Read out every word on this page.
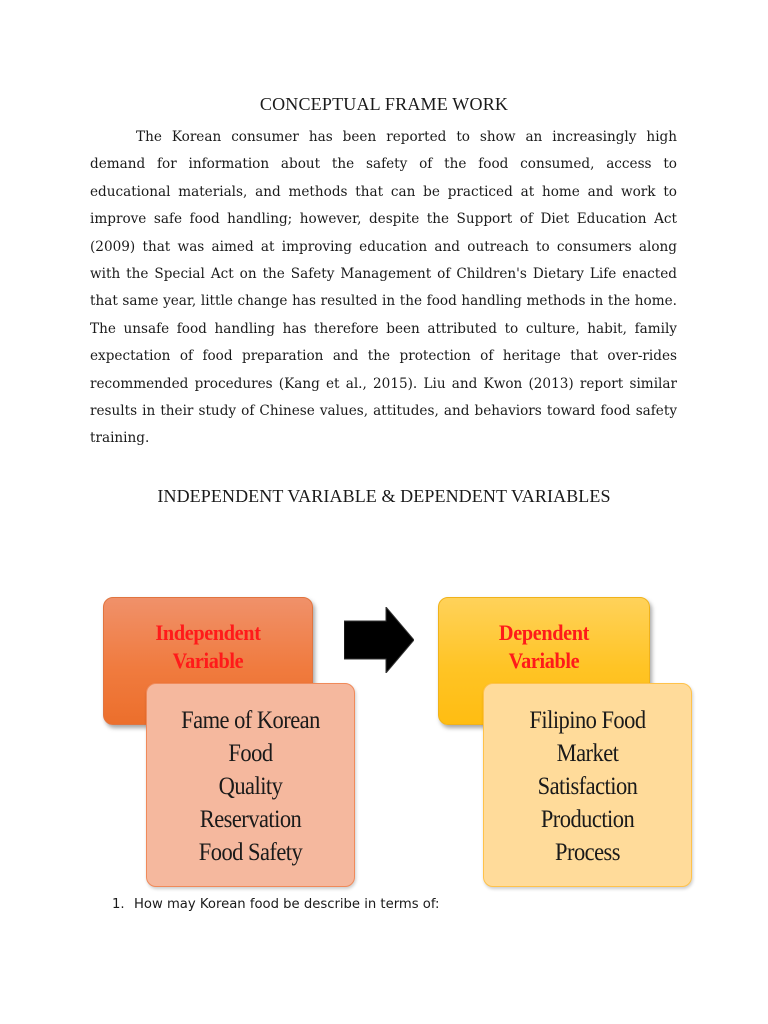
CONCEPTUAL FRAME WORK

The Korean consumer has been reported to show an increasingly high demand for information about the safety of the food consumed, access to educational materials, and methods that can be practiced at home and work to improve safe food handling; however, despite the Support of Diet Education Act (2009) that was aimed at improving education and outreach to consumers along with the Special Act on the Safety Management of Children's Dietary Life enacted that same year, little change has resulted in the food handling methods in the home. The unsafe food handling has therefore been attributed to culture, habit, family expectation of food preparation and the protection of heritage that over-rides recommended procedures (Kang et al., 2015). Liu and Kwon (2013) report similar results in their study of Chinese values, attitudes, and behaviors toward food safety training.

INDEPENDENT VARIABLE & DEPENDENT VARIABLES
Independent
Variable
Fame of Korean
Food
Quality
Reservation
Food Safety
Dependent
Variable
Filipino Food
Market
Satisfaction
Production
Process
1. How may Korean food be describe in terms of:
